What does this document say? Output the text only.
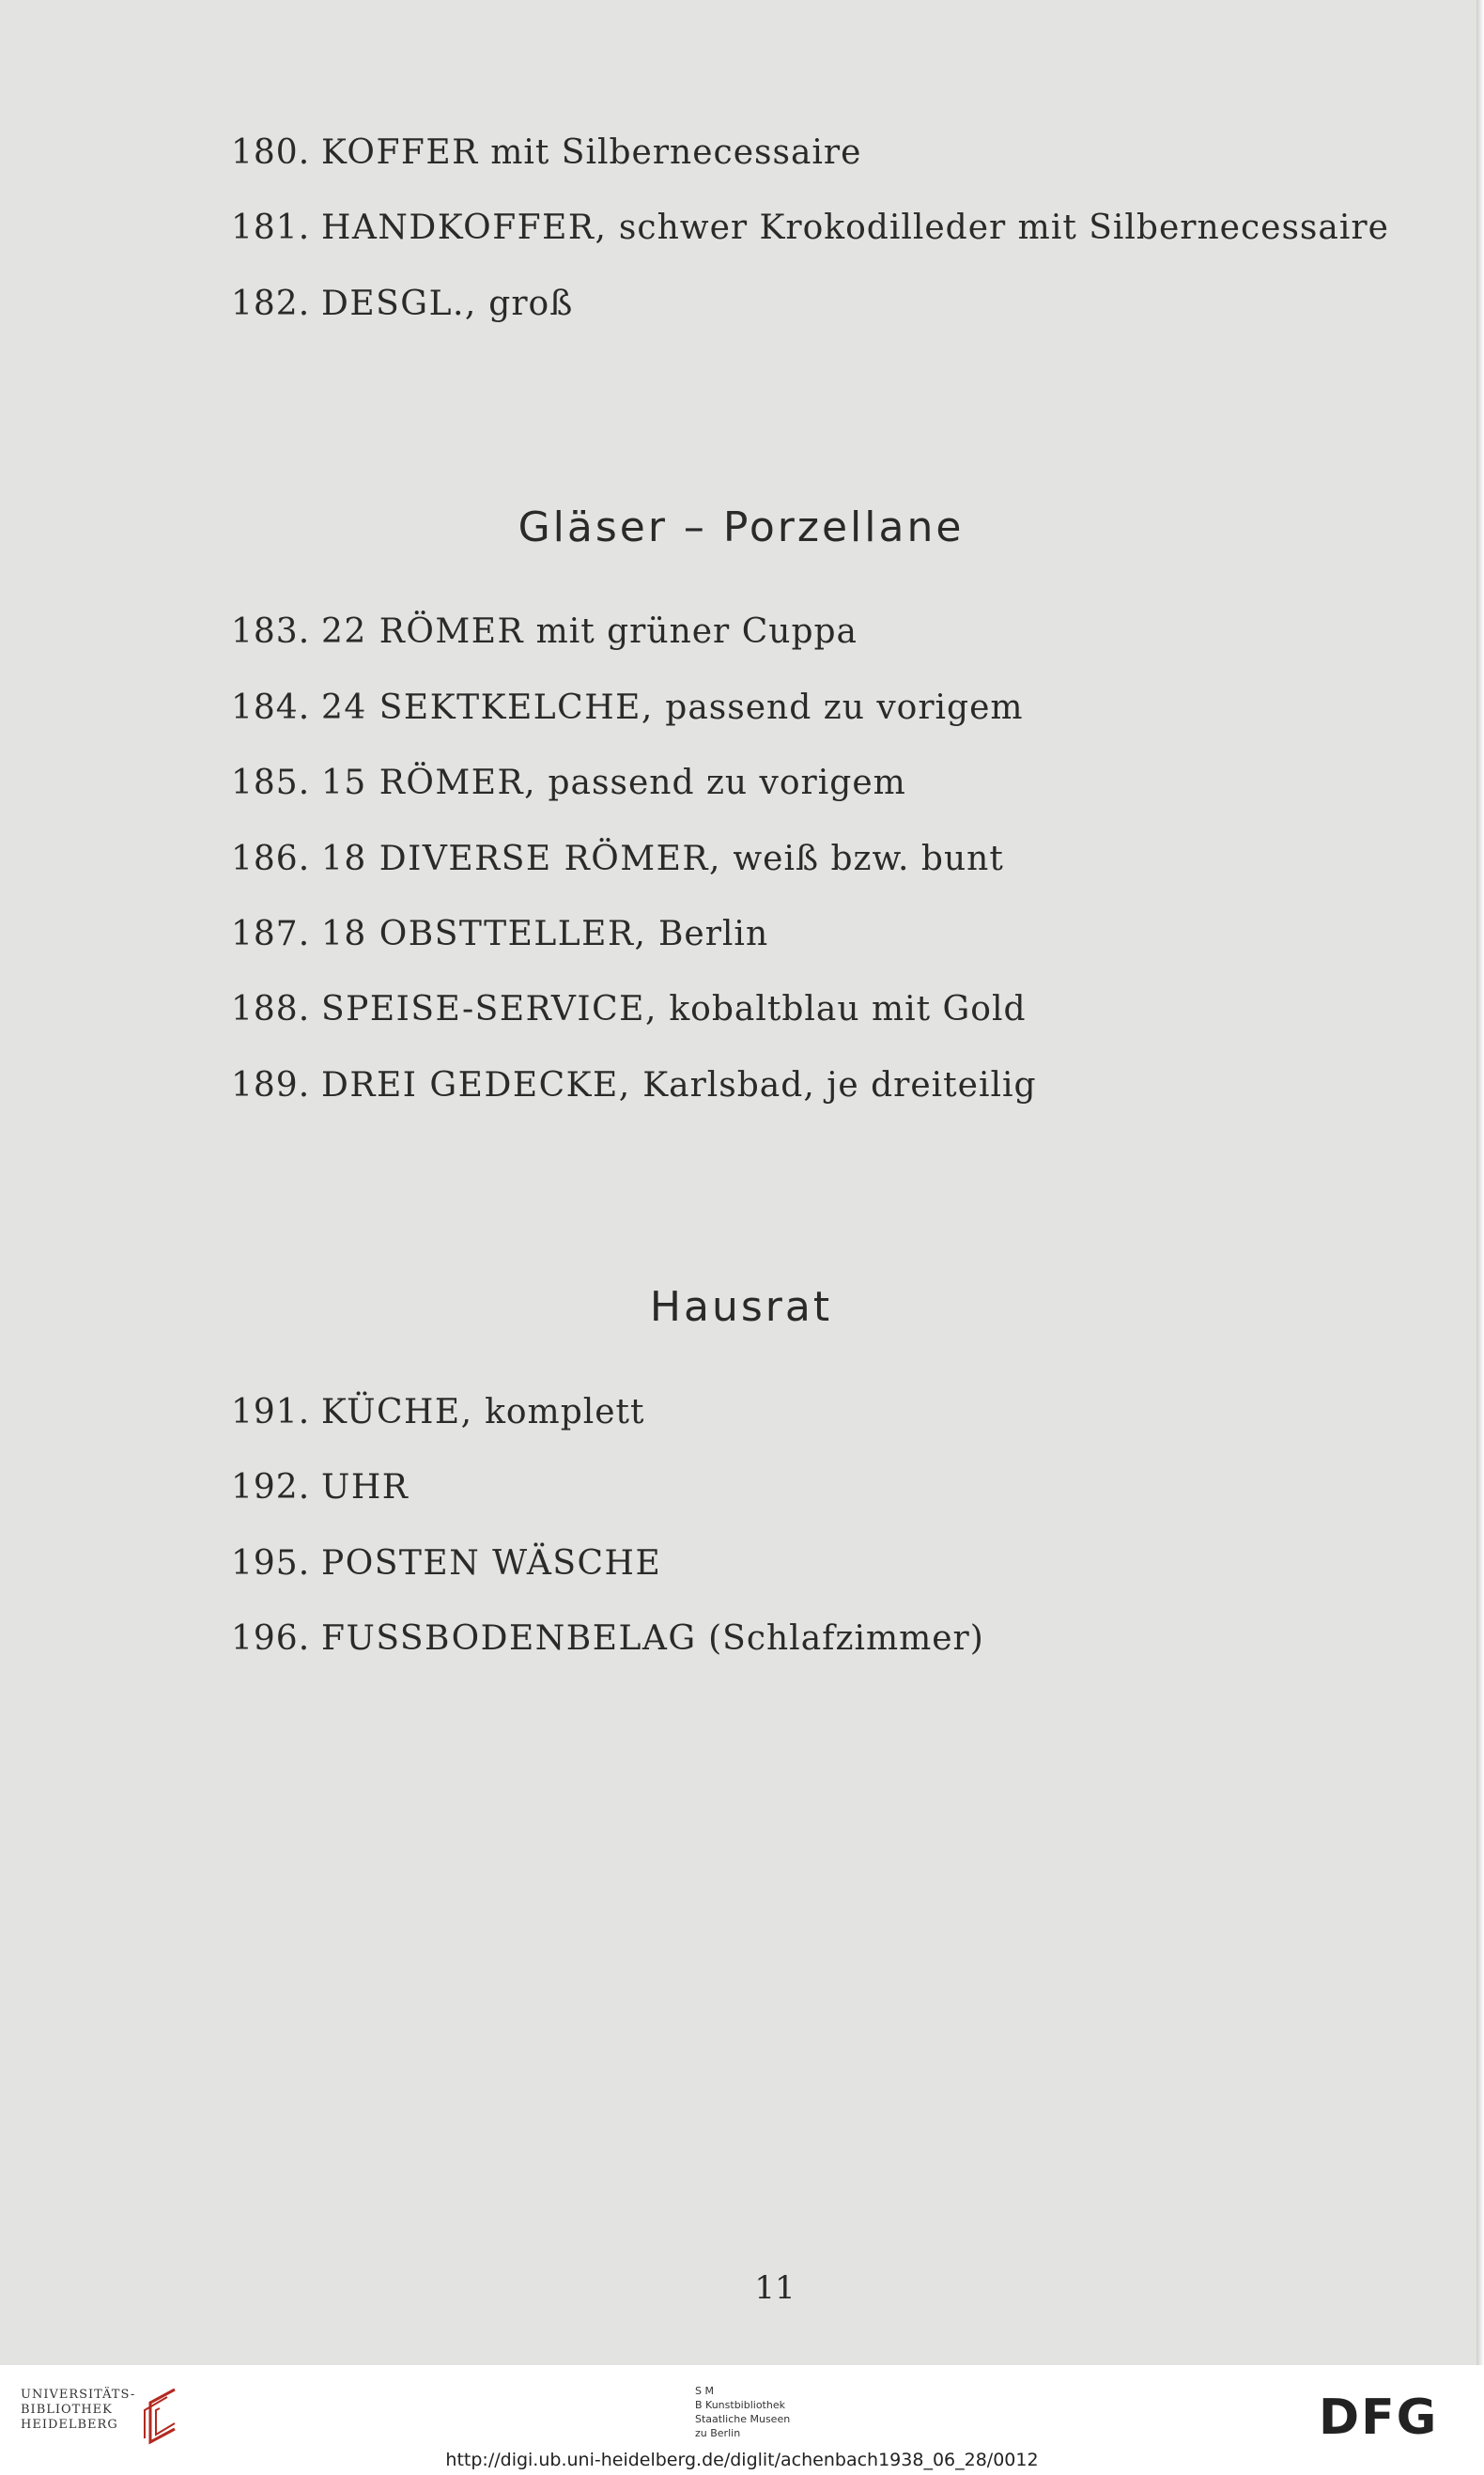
180. KOFFER mit Silbernecessaire
181. HANDKOFFER, schwer Krokodilleder mit Silbernecessaire
182. DESGL., groß
Gläser – Porzellane
183. 22 RÖMER mit grüner Cuppa
184. 24 SEKTKELCHE, passend zu vorigem
185. 15 RÖMER, passend zu vorigem
186. 18 DIVERSE RÖMER, weiß bzw. bunt
187. 18 OBSTTELLER, Berlin
188. SPEISE-SERVICE, kobaltblau mit Gold
189. DREI GEDECKE, Karlsbad, je dreiteilig
Hausrat
191. KÜCHE, komplett
192. UHR
195. POSTEN WÄSCHE
196. FUSSBODENBELAG (Schlafzimmer)
11
UNIVERSITÄTS-
BIBLIOTHEK
HEIDELBERG
S M
B Kunstbibliothek
Staatliche Museen
zu Berlin	DFG
http://digi.ub.uni-heidelberg.de/diglit/achenbach1938_06_28/0012
